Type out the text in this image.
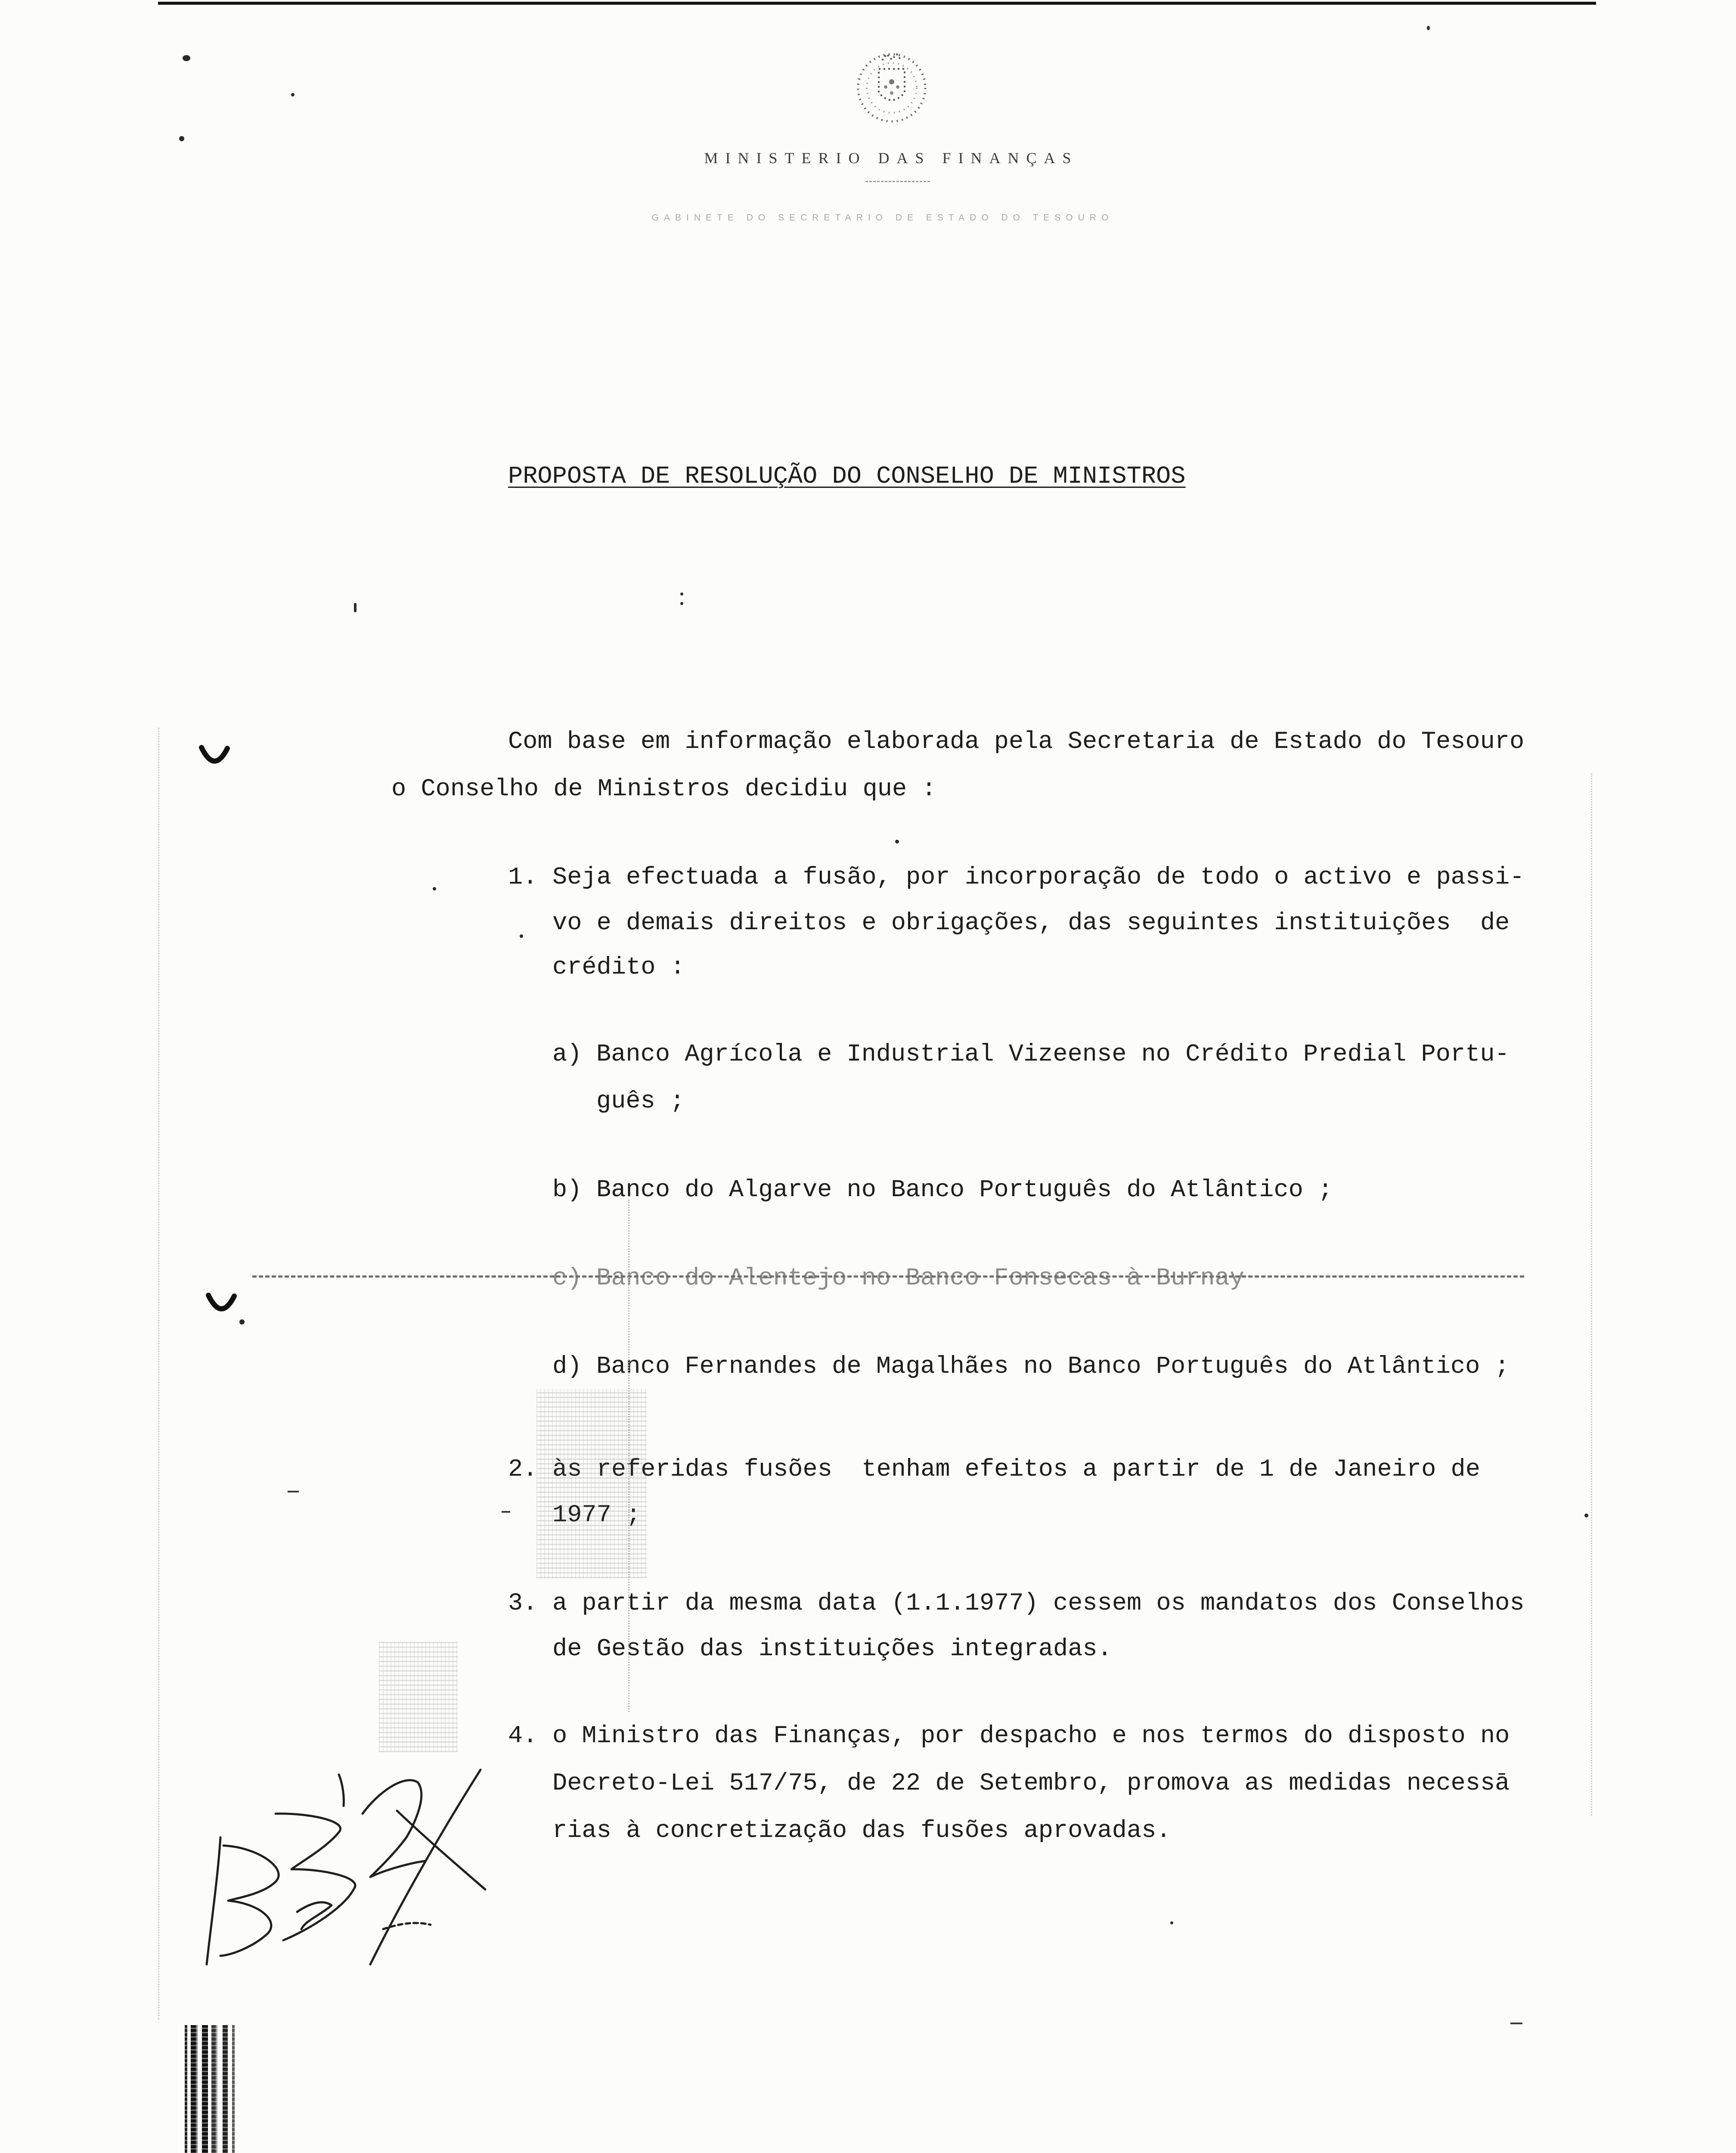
MINISTERIO DAS FINANÇAS
GABINETE DO SECRETARIO DE ESTADO DO TESOURO
PROPOSTA DE RESOLUÇÃO DO CONSELHO DE MINISTROS
Com base em informação elaborada pela Secretaria de Estado do Tesouro
o Conselho de Ministros decidiu que :
1. Seja efectuada a fusão, por incorporação de todo o activo e passi-
vo e demais direitos e obrigações, das seguintes instituições  de
crédito :
a) Banco Agrícola e Industrial Vizeense no Crédito Predial Portu-
guês ;
b) Banco do Algarve no Banco Português do Atlântico ;
c) Banco do Alentejo no Banco Fonsecas à Burnay
d) Banco Fernandes de Magalhães no Banco Português do Atlântico ;
2. às referidas fusões  tenham efeitos a partir de 1 de Janeiro de
1977 ;
3. a partir da mesma data (1.1.1977) cessem os mandatos dos Conselhos
de Gestão das instituições integradas.
4. o Ministro das Finanças, por despacho e nos termos do disposto no
Decreto-Lei 517/75, de 22 de Setembro, promova as medidas necessā
rias à concretização das fusões aprovadas.
